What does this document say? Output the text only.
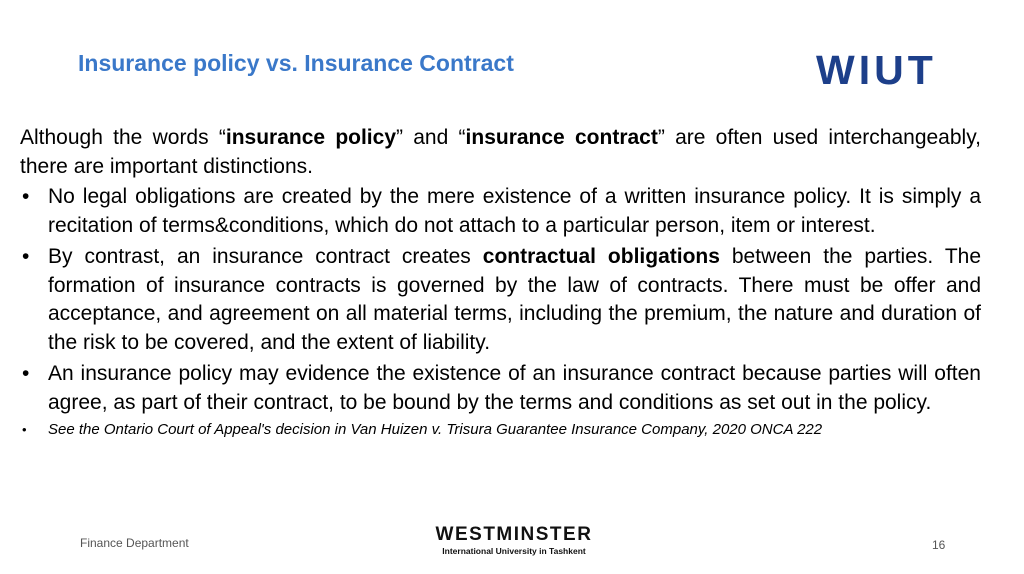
Insurance policy vs. Insurance Contract	WIUT

Although the words “insurance policy” and “insurance contract” are often used interchangeably, there are important distinctions.

• No legal obligations are created by the mere existence of a written insurance policy. It is simply a recitation of terms&conditions, which do not attach to a particular person, item or interest.
• By contrast, an insurance contract creates contractual obligations between the parties. The formation of insurance contracts is governed by the law of contracts. There must be offer and acceptance, and agreement on all material terms, including the premium, the nature and duration of the risk to be covered, and the extent of liability.
• An insurance policy may evidence the existence of an insurance contract because parties will often agree, as part of their contract, to be bound by the terms and conditions as set out in the policy.
• See the Ontario Court of Appeal's decision in Van Huizen v. Trisura Guarantee Insurance Company, 2020 ONCA 222
Finance Department	WESTMINSTER
International University in Tashkent	16
